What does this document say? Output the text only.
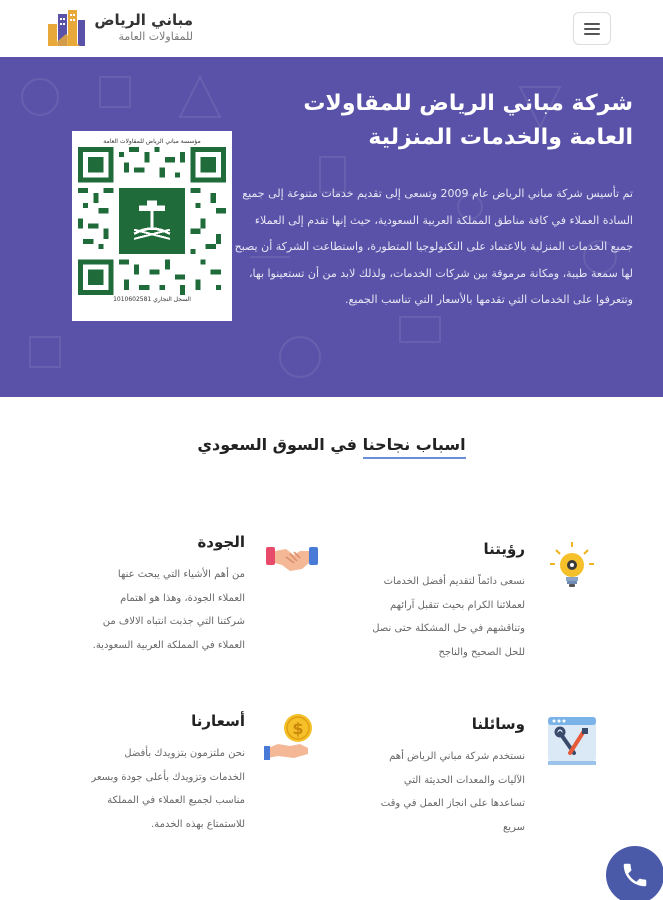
مباني الرياض
للمقاولات العامة
شركة مباني الرياض للمقاولات العامة والخدمات المنزلية
تم تأسيس شركة مباني الرياض عام 2009 وتسعى إلى تقديم خدمات متنوعة إلى جميع السادة العملاء في كافة مناطق المملكة العربية السعودية، حيث إنها تقدم إلى العملاء جميع الخدمات المنزلية بالاعتماد على التكنولوجيا المتطورة، واستطاعت الشركة أن يصبح لها سمعة طيبة، ومكانة مرموقة بين شركات الخدمات، ولذلك لابد من أن تستعينوا بها، وتتعرفوا على الخدمات التي تقدمها بالأسعار التي تناسب الجميع.
مؤسسة مباني الرياض للمقاولات العامة
السجل التجاري 1010602581
اسباب نجاحنا في السوق السعودي
رؤيتنا
نسعى دائماً لتقديم أفضل الخدمات لعملائنا الكرام بحيث تتقبل آرائهم وتناقشهم في حل المشكلة حتى نصل للحل الصحيح والناجح
الجودة
من أهم الأشياء التي يبحث عنها العملاء الجودة، وهذا هو اهتمام شركتنا التي جذبت انتباه الالاف من العملاء في المملكة العربية السعودية.
وسائلنا
نستخدم شركة مباني الرياض أهم الآليات والمعدات الحديثة التي تساعدها على انجاز العمل في وقت سريع
$
أسعارنا
نحن ملتزمون بتزويدك بأفضل الخدمات وتزويدك بأعلى جودة وبسعر مناسب لجميع العملاء في المملكة للاستمتاع بهذه الخدمة.
